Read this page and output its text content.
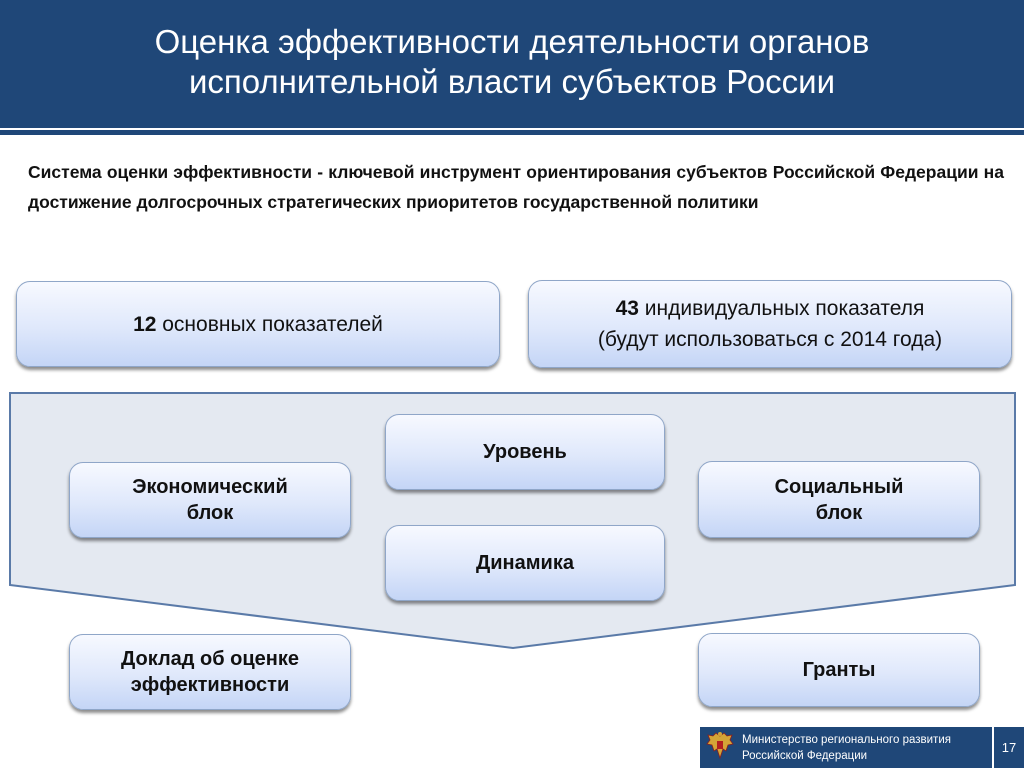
Оценка эффективности деятельности органов
исполнительной власти субъектов России
Система оценки эффективности - ключевой инструмент ориентирования субъектов Российской Федерации на достижение долгосрочных стратегических приоритетов государственной политики
12 основных показателей
43 индивидуальных показателя
(будут использоваться с 2014 года)
Экономический
блок
Уровень
Динамика
Социальный
блок
Доклад об оценке
эффективности
Гранты
Министерство регионального развития
Российской Федерации
17
